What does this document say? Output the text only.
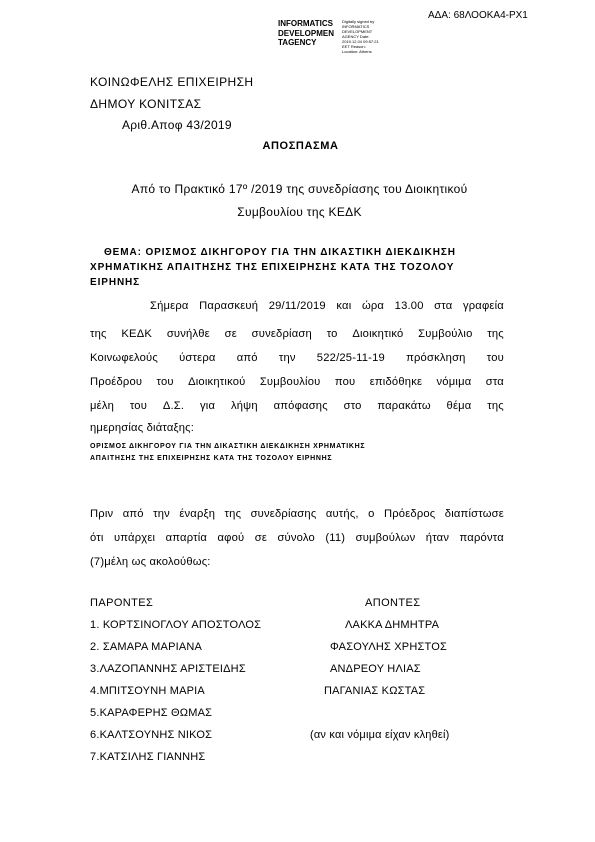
ΑΔΑ: 68ΛΟΟΚΑ4-ΡΧ1
INFORMATICS DEVELOPMEN TAGENCY
Digitally signed by INFORMATICS DEVELOPMENT AGENCY Date: 2019.12.04 09:57:21 EET Reason: Location: Athens
ΚΟΙΝΩΦΕΛΗΣ ΕΠΙΧΕΙΡΗΣΗ
ΔΗΜΟΥ ΚΟΝΙΤΣΑΣ
Αριθ.Αποφ 43/2019
ΑΠΟΣΠΑΣΜΑ
Από το Πρακτικό 17º /2019 της συνεδρίασης του Διοικητικού
Συμβουλίου της ΚΕΔΚ
ΘΕΜΑ: ΟΡΙΣΜΟΣ ΔΙΚΗΓΟΡΟΥ ΓΙΑ ΤΗΝ ΔΙΚΑΣΤΙΚΗ ΔΙΕΚΔΙΚΗΣΗ
ΧΡΗΜΑΤΙΚΗΣ ΑΠΑΙΤΗΣΗΣ ΤΗΣ ΕΠΙΧΕΙΡΗΣΗΣ ΚΑΤΑ ΤΗΣ ΤΟΖΟΛΟΥ
ΕΙΡΗΝΗΣ
Σήμερα Παρασκευή 29/11/2019 και ώρα 13.00 στα γραφεία
της ΚΕΔΚ συνήλθε σε συνεδρίαση το Διοικητικό Συμβούλιο της
Κοινωφελούς ύστερα από την 522/25-11-19 πρόσκληση του
Προέδρου του Διοικητικού Συμβουλίου που επιδόθηκε νόμιμα στα
μέλη του Δ.Σ. για λήψη απόφασης στο παρακάτω θέμα της
ημερησίας διάταξης:
ΟΡΙΣΜΟΣ ΔΙΚΗΓΟΡΟΥ ΓΙΑ ΤΗΝ ΔΙΚΑΣΤΙΚΗ ΔΙΕΚΔΙΚΗΣΗ ΧΡΗΜΑΤΙΚΗΣ
ΑΠΑΙΤΗΣΗΣ ΤΗΣ ΕΠΙΧΕΙΡΗΣΗΣ ΚΑΤΑ ΤΗΣ ΤΟΖΟΛΟΥ ΕΙΡΗΝΗΣ
Πριν από την έναρξη της συνεδρίασης αυτής, ο Πρόεδρος διαπίστωσε
ότι υπάρχει απαρτία αφού σε σύνολο (11) συμβούλων ήταν παρόντα
(7)μέλη ως ακολούθως:
ΠΑΡΟΝΤΕΣ	ΑΠΟΝΤΕΣ
1. ΚΟΡΤΣΙΝΟΓΛΟΥ ΑΠΟΣΤΟΛΟΣ
2. ΣΑΜΑΡΑ ΜΑΡΙΑΝΑ
3.ΛΑΖΟΠΑΝΝΗΣ ΑΡΙΣΤΕΙΔΗΣ
4.ΜΠΙΤΣΟΥΝΗ ΜΑΡΙΑ
5.ΚΑΡΑΦΕΡΗΣ ΘΩΜΑΣ
6.ΚΑΛΤΣΟΥΝΗΣ ΝΙΚΟΣ
7.ΚΑΤΣΙΛΗΣ ΓΙΑΝΝΗΣ
ΛΑΚΚΑ ΔΗΜΗΤΡΑ
ΦΑΣΟΥΛΗΣ ΧΡΗΣΤΟΣ
ΑΝΔΡΕΟΥ ΗΛΙΑΣ
ΠΑΓΑΝΙΑΣ ΚΩΣΤΑΣ
(αν και νόμιμα είχαν κληθεί)
